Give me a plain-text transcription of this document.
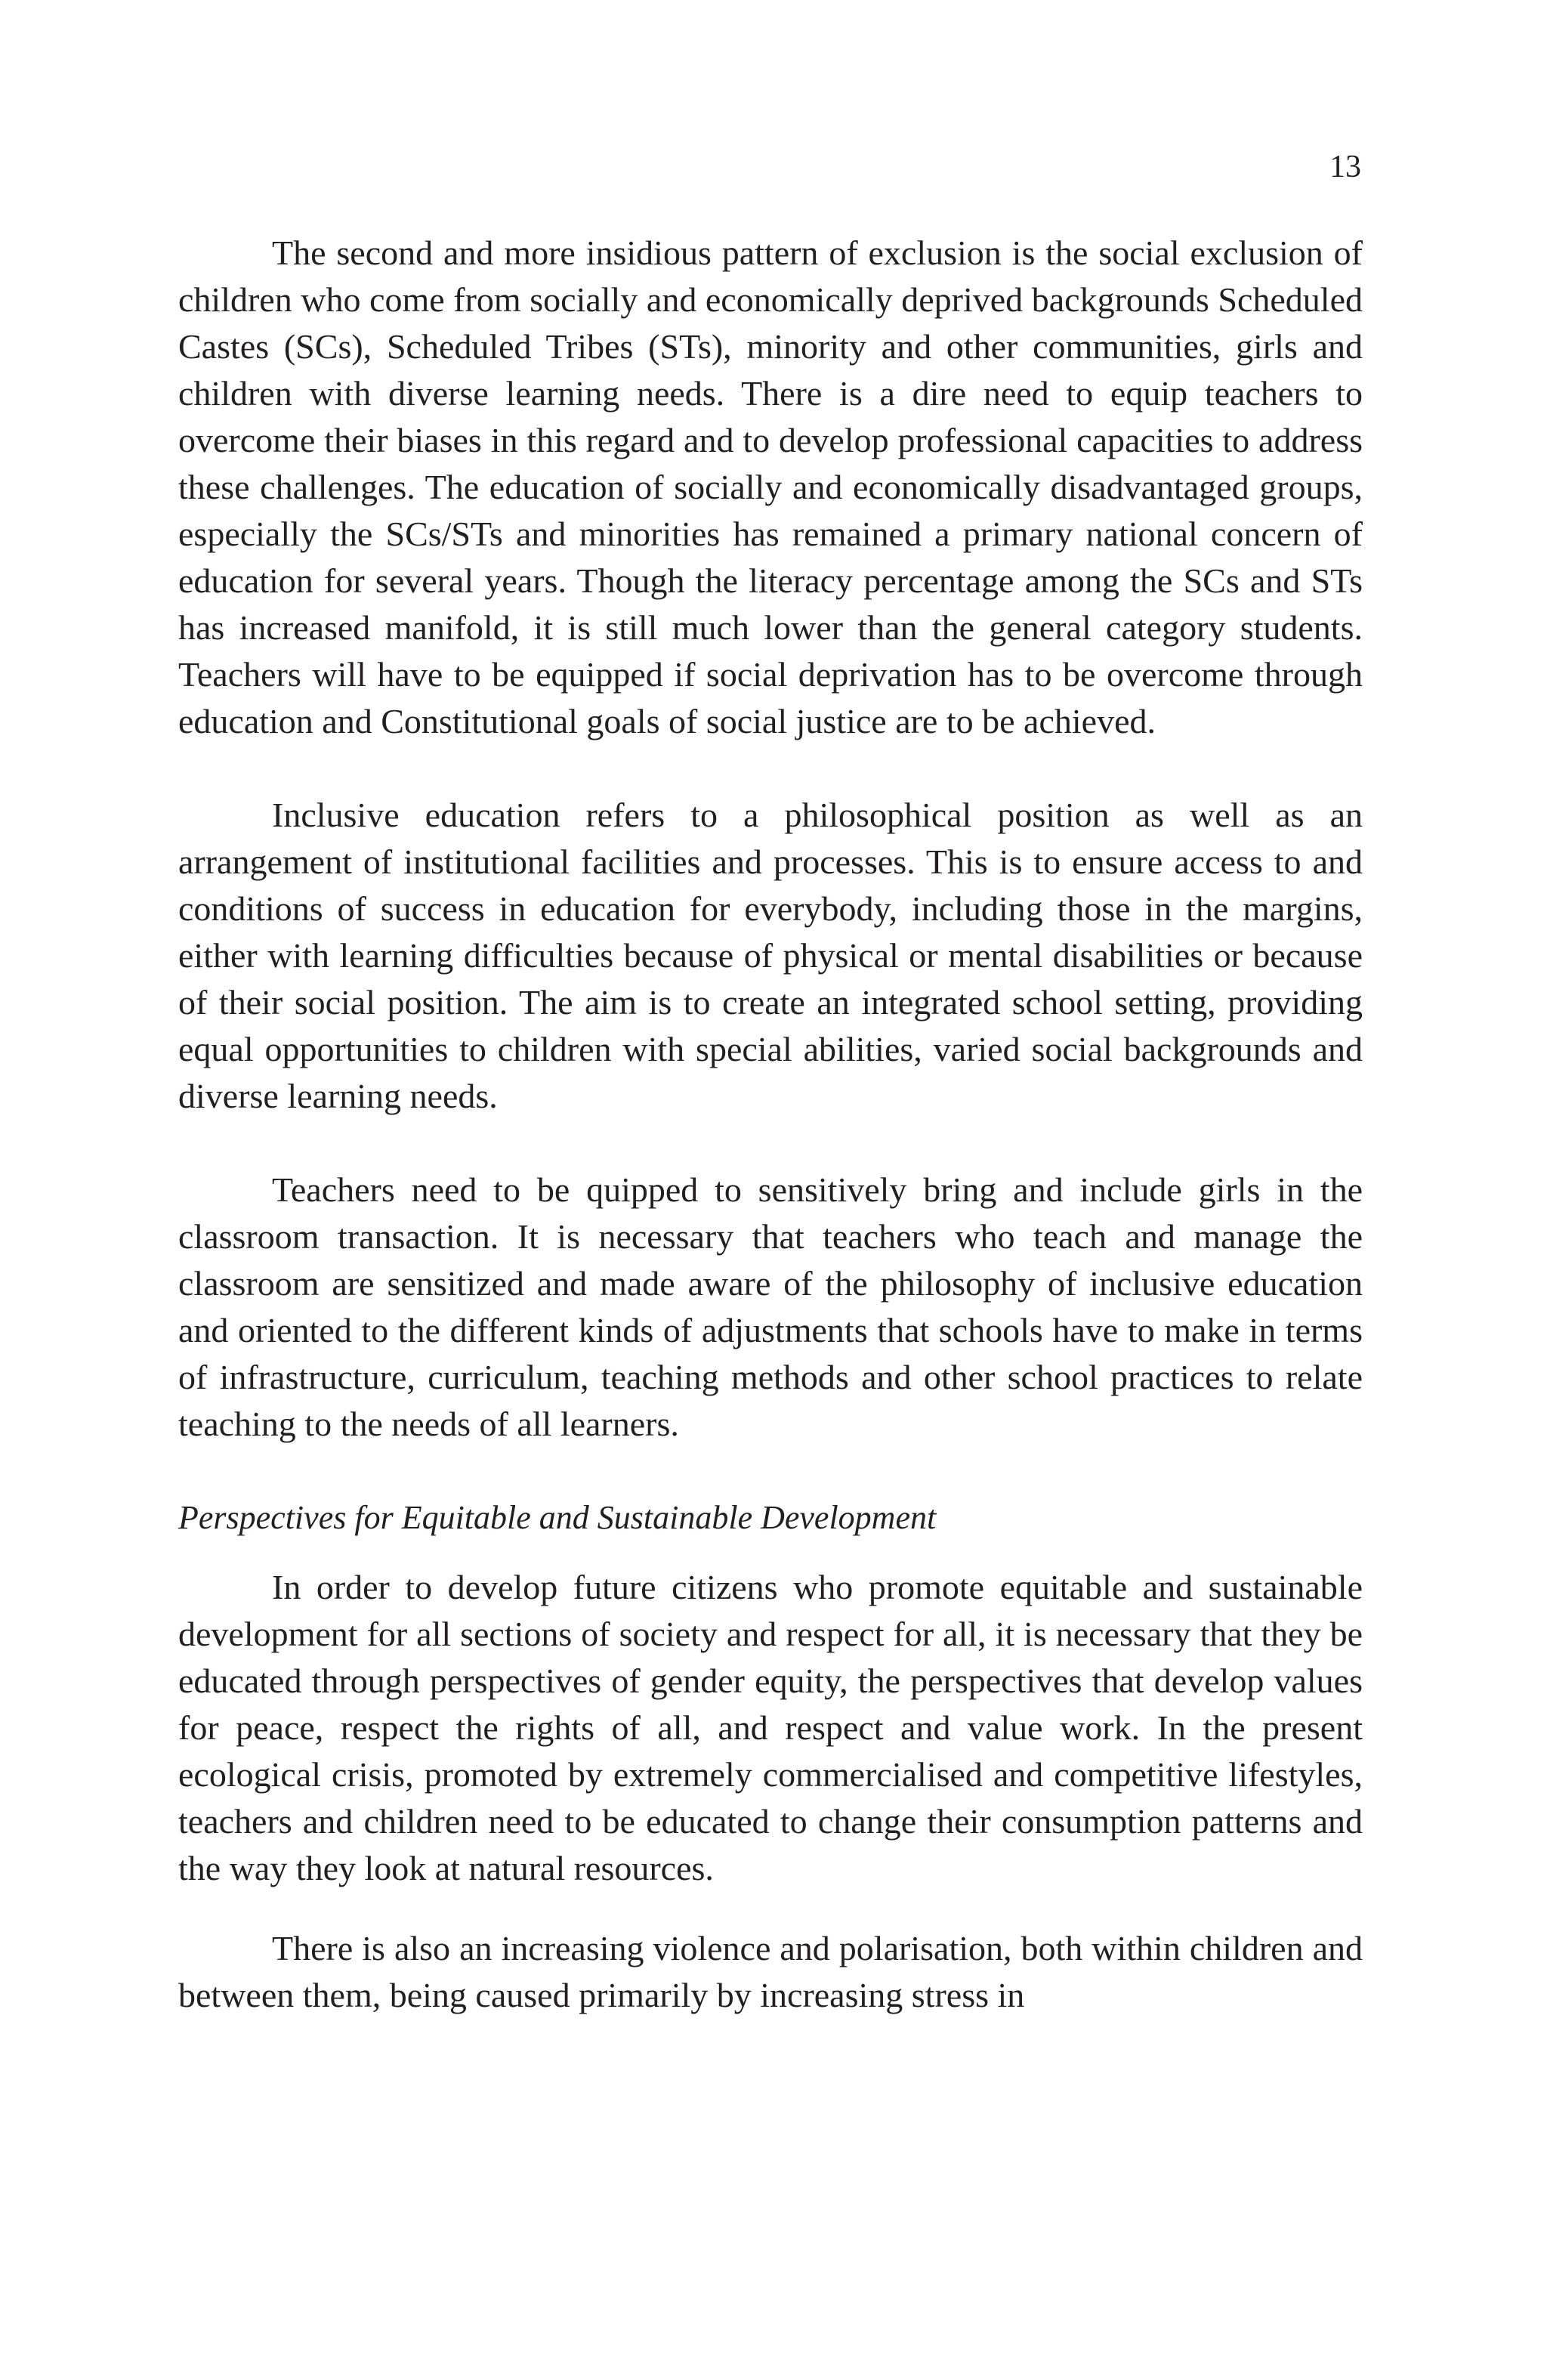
13

The second and more insidious pattern of exclusion is the social exclusion of children who come from socially and economically deprived backgrounds Scheduled Castes (SCs), Scheduled Tribes (STs), minority and other communities, girls and children with diverse learning needs. There is a dire need to equip teachers to overcome their biases in this regard and to develop professional capacities to address these challenges. The education of socially and economically disadvantaged groups, especially the SCs/STs and minorities has remained a primary national concern of education for several years. Though the literacy percentage among the SCs and STs has increased manifold, it is still much lower than the general category students. Teachers will have to be equipped if social deprivation has to be overcome through education and Constitutional goals of social justice are to be achieved.

Inclusive education refers to a philosophical position as well as an arrangement of institutional facilities and processes. This is to ensure access to and conditions of success in education for everybody, including those in the margins, either with learning difficulties because of physical or mental disabilities or because of their social position. The aim is to create an integrated school setting, providing equal opportunities to children with special abilities, varied social backgrounds and diverse learning needs.

Teachers need to be quipped to sensitively bring and include girls in the classroom transaction. It is necessary that teachers who teach and manage the classroom are sensitized and made aware of the philosophy of inclusive education and oriented to the different kinds of adjustments that schools have to make in terms of infrastructure, curriculum, teaching methods and other school practices to relate teaching to the needs of all learners.

Perspectives for Equitable and Sustainable Development

In order to develop future citizens who promote equitable and sustainable development for all sections of society and respect for all, it is necessary that they be educated through perspectives of gender equity, the perspectives that develop values for peace, respect the rights of all, and respect and value work. In the present ecological crisis, promoted by extremely commercialised and competitive lifestyles, teachers and children need to be educated to change their consumption patterns and the way they look at natural resources.

There is also an increasing violence and polarisation, both within children and between them, being caused primarily by increasing stress in
